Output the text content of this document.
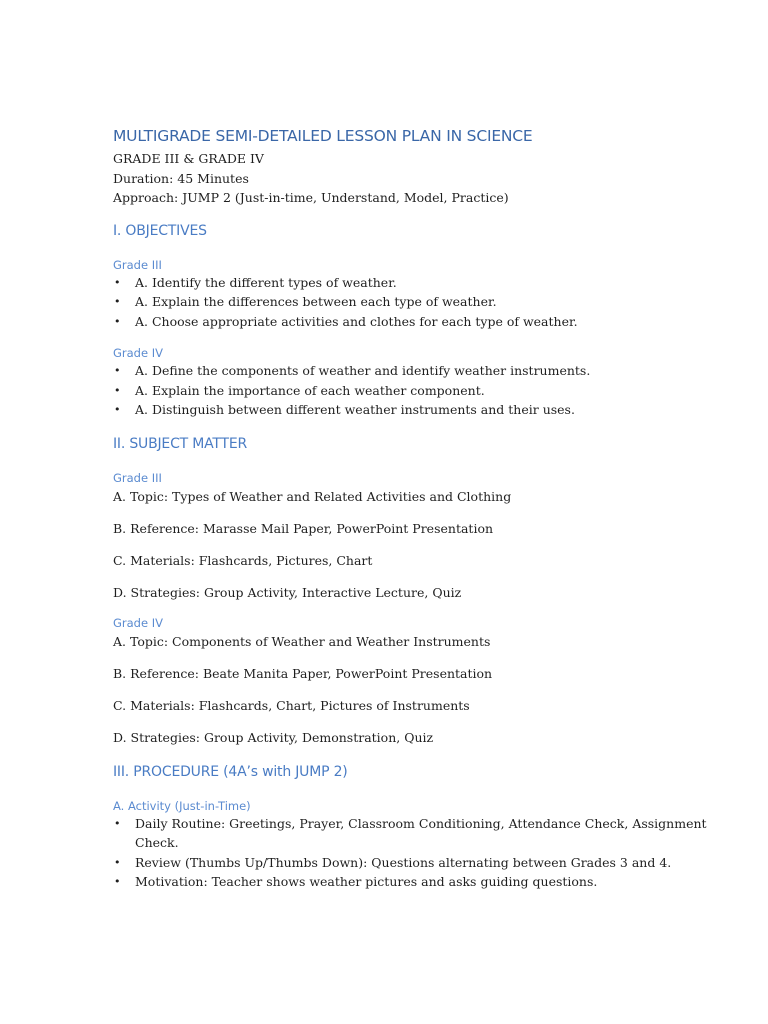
MULTIGRADE SEMI-DETAILED LESSON PLAN IN SCIENCE
GRADE III & GRADE IV
Duration: 45 Minutes
Approach: JUMP 2 (Just-in-time, Understand, Model, Practice)
I. OBJECTIVES
Grade III
• A. Identify the different types of weather.
• A. Explain the differences between each type of weather.
• A. Choose appropriate activities and clothes for each type of weather.
Grade IV
• A. Define the components of weather and identify weather instruments.
• A. Explain the importance of each weather component.
• A. Distinguish between different weather instruments and their uses.
II. SUBJECT MATTER
Grade III
A. Topic: Types of Weather and Related Activities and Clothing
B. Reference: Marasse Mail Paper, PowerPoint Presentation
C. Materials: Flashcards, Pictures, Chart
D. Strategies: Group Activity, Interactive Lecture, Quiz
Grade IV
A. Topic: Components of Weather and Weather Instruments
B. Reference: Beate Manita Paper, PowerPoint Presentation
C. Materials: Flashcards, Chart, Pictures of Instruments
D. Strategies: Group Activity, Demonstration, Quiz
III. PROCEDURE (4A’s with JUMP 2)
A. Activity (Just-in-Time)
• Daily Routine: Greetings, Prayer, Classroom Conditioning, Attendance Check, Assignment Check.
• Review (Thumbs Up/Thumbs Down): Questions alternating between Grades 3 and 4.
• Motivation: Teacher shows weather pictures and asks guiding questions.
